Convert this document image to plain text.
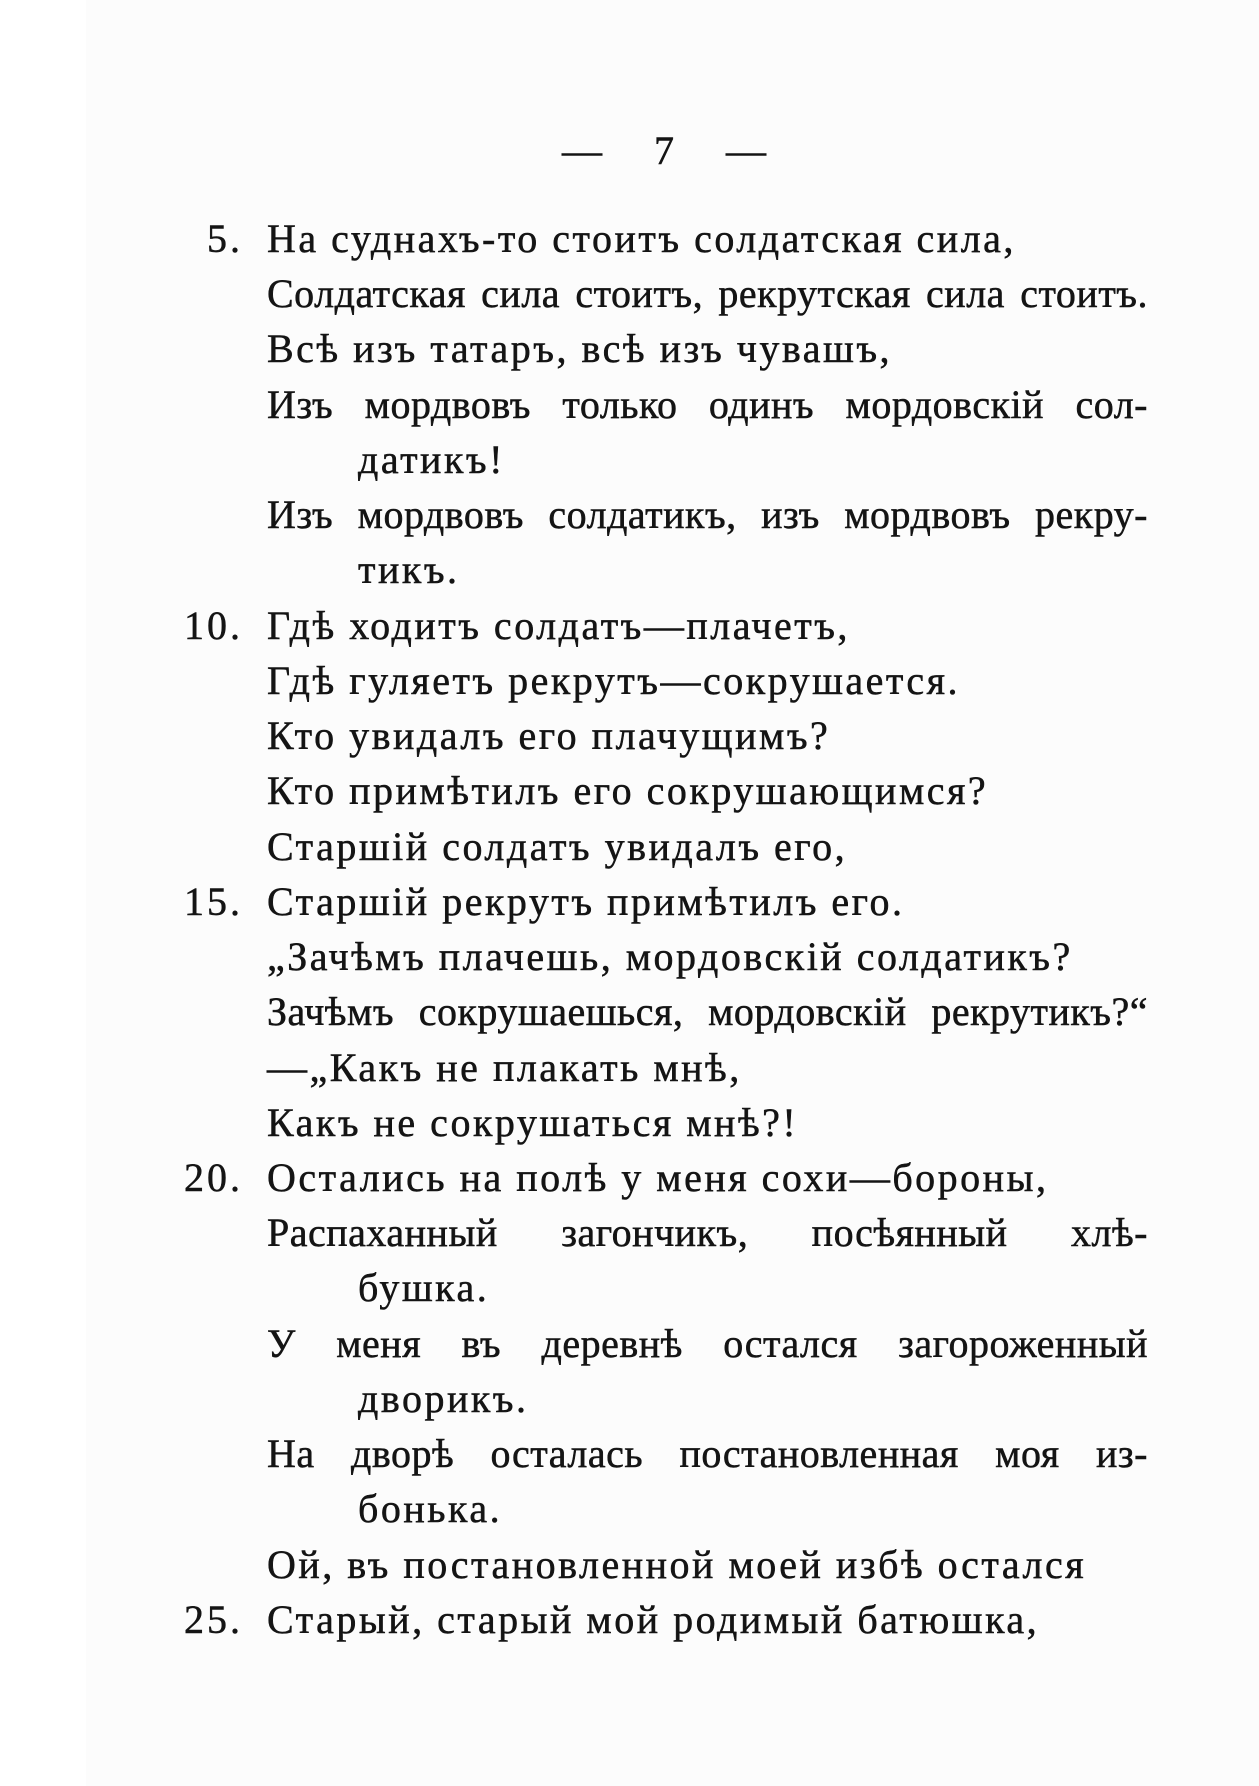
— 7 —
5. На суднахъ-то стоитъ солдатская сила,
Солдатская сила стоитъ, рекрутская сила стоитъ.
Всѣ изъ татаръ, всѣ изъ чувашъ,
Изъ мордвовъ только одинъ мордовскій сол-
датикъ!
Изъ мордвовъ солдатикъ, изъ мордвовъ рекру-
тикъ.
10. Гдѣ ходитъ солдатъ—плачетъ,
Гдѣ гуляетъ рекрутъ—сокрушается.
Кто увидалъ его плачущимъ?
Кто примѣтилъ его сокрушающимся?
Старшій солдатъ увидалъ его,
15. Старшій рекрутъ примѣтилъ его.
„Зачѣмъ плачешь, мордовскій солдатикъ?
Зачѣмъ сокрушаешься, мордовскій рекрутикъ?“
—„Какъ не плакать мнѣ,
Какъ не сокрушаться мнѣ?!
20. Остались на полѣ у меня сохи—бороны,
Распаханный загончикъ, посѣянный хлѣ-
бушка.
У меня въ деревнѣ остался загороженный
дворикъ.
На дворѣ осталась постановленная моя из-
бонька.
Ой, въ постановленной моей избѣ остался
25. Старый, старый мой родимый батюшка,
